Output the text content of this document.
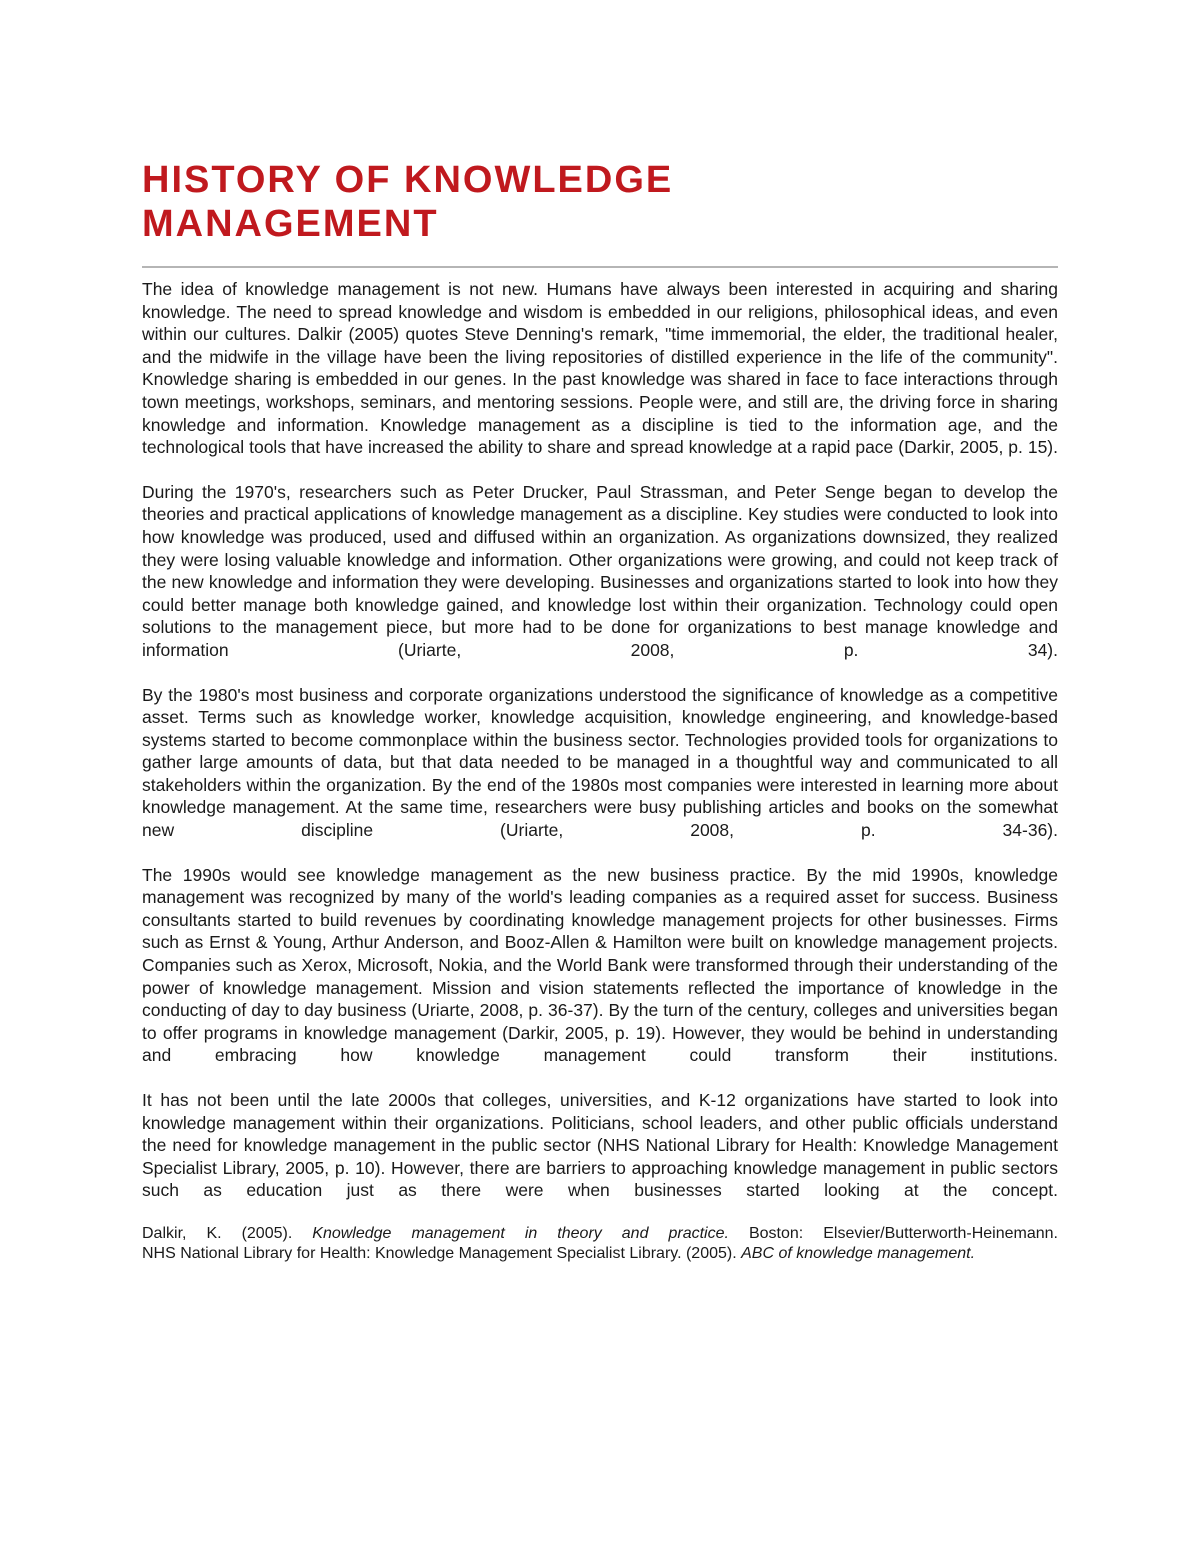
HISTORY OF KNOWLEDGE
MANAGEMENT

The idea of knowledge management is not new. Humans have always been interested in acquiring and sharing knowledge. The need to spread knowledge and wisdom is embedded in our religions, philosophical ideas, and even within our cultures. Dalkir (2005) quotes Steve Denning's remark, "time immemorial, the elder, the traditional healer, and the midwife in the village have been the living repositories of distilled experience in the life of the community". Knowledge sharing is embedded in our genes. In the past knowledge was shared in face to face interactions through town meetings, workshops, seminars, and mentoring sessions. People were, and still are, the driving force in sharing knowledge and information. Knowledge management as a discipline is tied to the information age, and the technological tools that have increased the ability to share and spread knowledge at a rapid pace (Darkir, 2005, p. 15).

During the 1970's, researchers such as Peter Drucker, Paul Strassman, and Peter Senge began to develop the theories and practical applications of knowledge management as a discipline. Key studies were conducted to look into how knowledge was produced, used and diffused within an organization. As organizations downsized, they realized they were losing valuable knowledge and information. Other organizations were growing, and could not keep track of the new knowledge and information they were developing. Businesses and organizations started to look into how they could better manage both knowledge gained, and knowledge lost within their organization. Technology could open solutions to the management piece, but more had to be done for organizations to best manage knowledge and information (Uriarte, 2008, p. 34).

By the 1980's most business and corporate organizations understood the significance of knowledge as a competitive asset. Terms such as knowledge worker, knowledge acquisition, knowledge engineering, and knowledge-based systems started to become commonplace within the business sector. Technologies provided tools for organizations to gather large amounts of data, but that data needed to be managed in a thoughtful way and communicated to all stakeholders within the organization. By the end of the 1980s most companies were interested in learning more about knowledge management. At the same time, researchers were busy publishing articles and books on the somewhat new discipline (Uriarte, 2008, p. 34-36).

The 1990s would see knowledge management as the new business practice. By the mid 1990s, knowledge management was recognized by many of the world's leading companies as a required asset for success. Business consultants started to build revenues by coordinating knowledge management projects for other businesses. Firms such as Ernst & Young, Arthur Anderson, and Booz-Allen & Hamilton were built on knowledge management projects. Companies such as Xerox, Microsoft, Nokia, and the World Bank were transformed through their understanding of the power of knowledge management. Mission and vision statements reflected the importance of knowledge in the conducting of day to day business (Uriarte, 2008, p. 36-37). By the turn of the century, colleges and universities began to offer programs in knowledge management (Darkir, 2005, p. 19). However, they would be behind in understanding and embracing how knowledge management could transform their institutions.

It has not been until the late 2000s that colleges, universities, and K-12 organizations have started to look into knowledge management within their organizations. Politicians, school leaders, and other public officials understand the need for knowledge management in the public sector (NHS National Library for Health: Knowledge Management Specialist Library, 2005, p. 10). However, there are barriers to approaching knowledge management in public sectors such as education just as there were when businesses started looking at the concept.

Dalkir, K. (2005). Knowledge management in theory and practice. Boston: Elsevier/Butterworth-Heinemann.

NHS National Library for Health: Knowledge Management Specialist Library. (2005). ABC of knowledge management.
